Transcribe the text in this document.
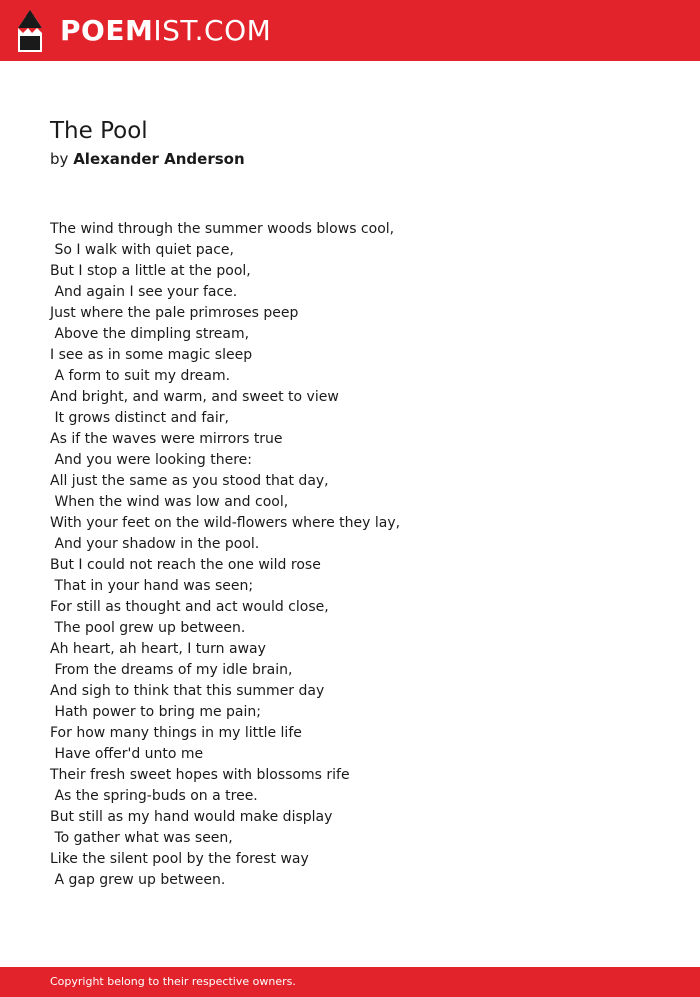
POEMIST.COM
The Pool
by Alexander Anderson
The wind through the summer woods blows cool,
So I walk with quiet pace,
But I stop a little at the pool,
And again I see your face.
Just where the pale primroses peep
Above the dimpling stream,
I see as in some magic sleep
A form to suit my dream.
And bright, and warm, and sweet to view
It grows distinct and fair,
As if the waves were mirrors true
And you were looking there:
All just the same as you stood that day,
When the wind was low and cool,
With your feet on the wild-flowers where they lay,
And your shadow in the pool.
But I could not reach the one wild rose
That in your hand was seen;
For still as thought and act would close,
The pool grew up between.
Ah heart, ah heart, I turn away
From the dreams of my idle brain,
And sigh to think that this summer day
Hath power to bring me pain;
For how many things in my little life
Have offer'd unto me
Their fresh sweet hopes with blossoms rife
As the spring-buds on a tree.
But still as my hand would make display
To gather what was seen,
Like the silent pool by the forest way
A gap grew up between.
Copyright belong to their respective owners.
